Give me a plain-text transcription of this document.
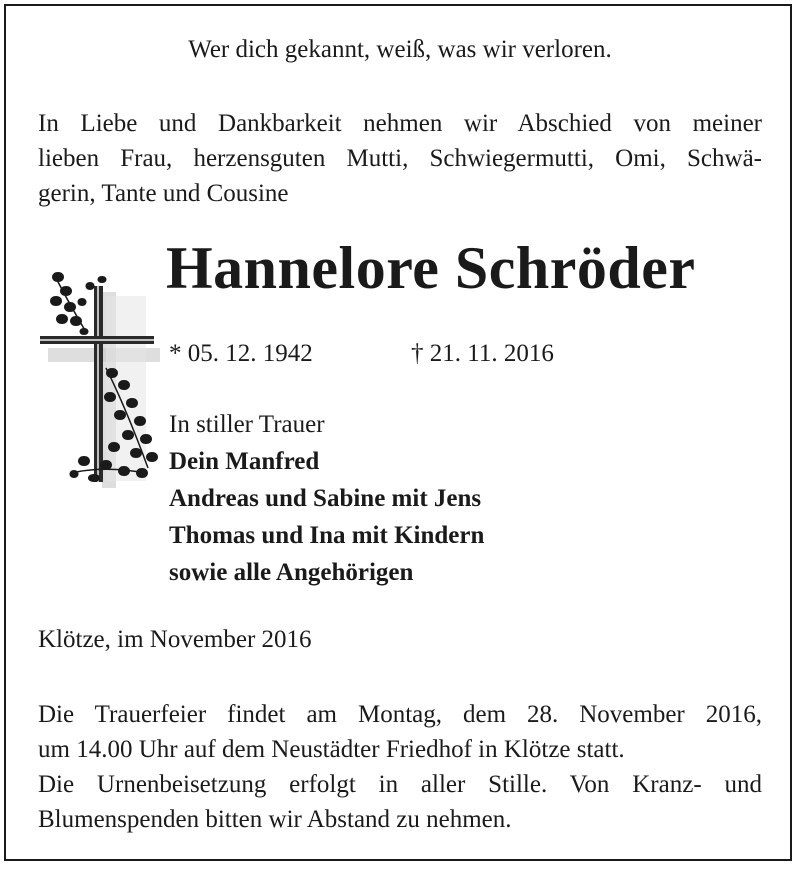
Wer dich gekannt, weiß, was wir verloren.
In Liebe und Dankbarkeit nehmen wir Abschied von meiner
lieben Frau, herzensguten Mutti, Schwiegermutti, Omi, Schwä-
gerin, Tante und Cousine
Hannelore Schröder
* 05. 12. 1942	† 21. 11. 2016
In stiller Trauer
Dein Manfred
Andreas und Sabine mit Jens
Thomas und Ina mit Kindern
sowie alle Angehörigen
Klötze, im November 2016
Die Trauerfeier findet am Montag, dem 28. November 2016,
um 14.00 Uhr auf dem Neustädter Friedhof in Klötze statt.
Die Urnenbeisetzung erfolgt in aller Stille. Von Kranz- und
Blumenspenden bitten wir Abstand zu nehmen.
